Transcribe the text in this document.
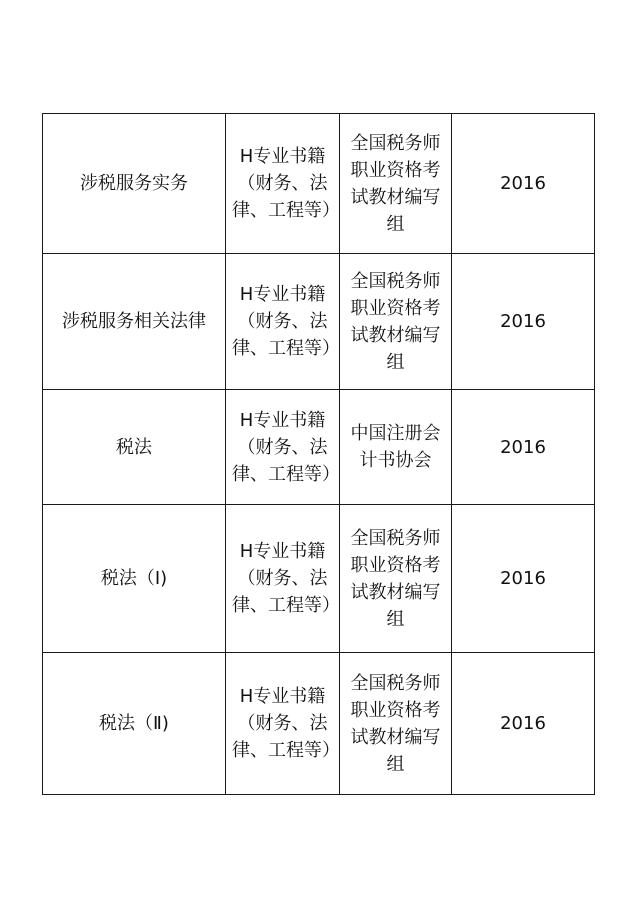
涉税服务实务	H专业书籍（财务、法律、工程等）	全国税务师职业资格考试教材编写组	2016

涉税服务相关法律	H专业书籍（财务、法律、工程等）	全国税务师职业资格考试教材编写组	2016

税法	H专业书籍（财务、法律、工程等）	中国注册会计书协会	2016

税法（Ⅰ)	H专业书籍（财务、法律、工程等）	全国税务师职业资格考试教材编写组	2016

税法（Ⅱ)	H专业书籍（财务、法律、工程等）	全国税务师职业资格考试教材编写组	2016
